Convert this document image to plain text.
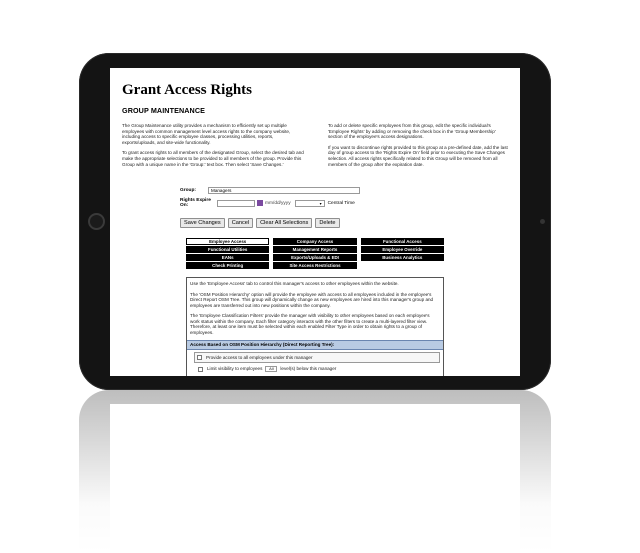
Grant Access Rights
GROUP MAINTENANCE

The Group Maintenance utility provides a mechanism to efficiently set up multiple employees with common management level access rights to the company website, including access to specific employee classes, processing utilities, reports, exports/uploads, and site-wide functionality.

To grant access rights to all members of the designated Group, select the desired tab and make the appropriate selections to be provided to all members of the group. Provide this Group with a unique name in the 'Group:' text box. Then select 'Save Changes.'

To add or delete specific employees from this group, edit the specific individual's 'Employee Rights' by adding or removing the check box in the 'Group Membership' section of the employee's access designations.

If you want to discontinue rights provided to this group at a pre-defined date, add the last day of group access to the 'Rights Expire On' field prior to executing the Save Changes selection. All access rights specifically related to this Group will be removed from all members of the group after the expiration date.

Group:	Managers
Rights Expire On:	mm/dd/yyyy	▾	Central Time
Save Changes	Cancel	Clear All Selections	Delete
Employee Access	Company Access	Functional Access
Functional Utilities	Management Reports	Employee Override
EANs	Exports/Uploads & EDI	Business Analytics
Check Printing	Site Access Restrictions

Use the 'Employee Access' tab to control this manager's access to other employees within the website.

The 'OSM Position Hierarchy' option will provide the employee with access to all employees included in the employee's Direct Report OSM Tree. This group will dynamically change as new employees are hired into this manager's group and employees are transferred out into new positions within the company.

The 'Employee Classification Filters' provide the manager with visibility to other employees based on each employee's work status within the company. Each filter category interacts with the other filters to create a multi-layered filter view. Therefore, at least one item must be selected within each enabled Filter Type in order to obtain rights to a group of employees.

Access Based on OSM Position Hierarchy (Direct Reporting Tree):
Provide access to all employees under this manager
Limit visibility to employees	All	level(s) below this manager
